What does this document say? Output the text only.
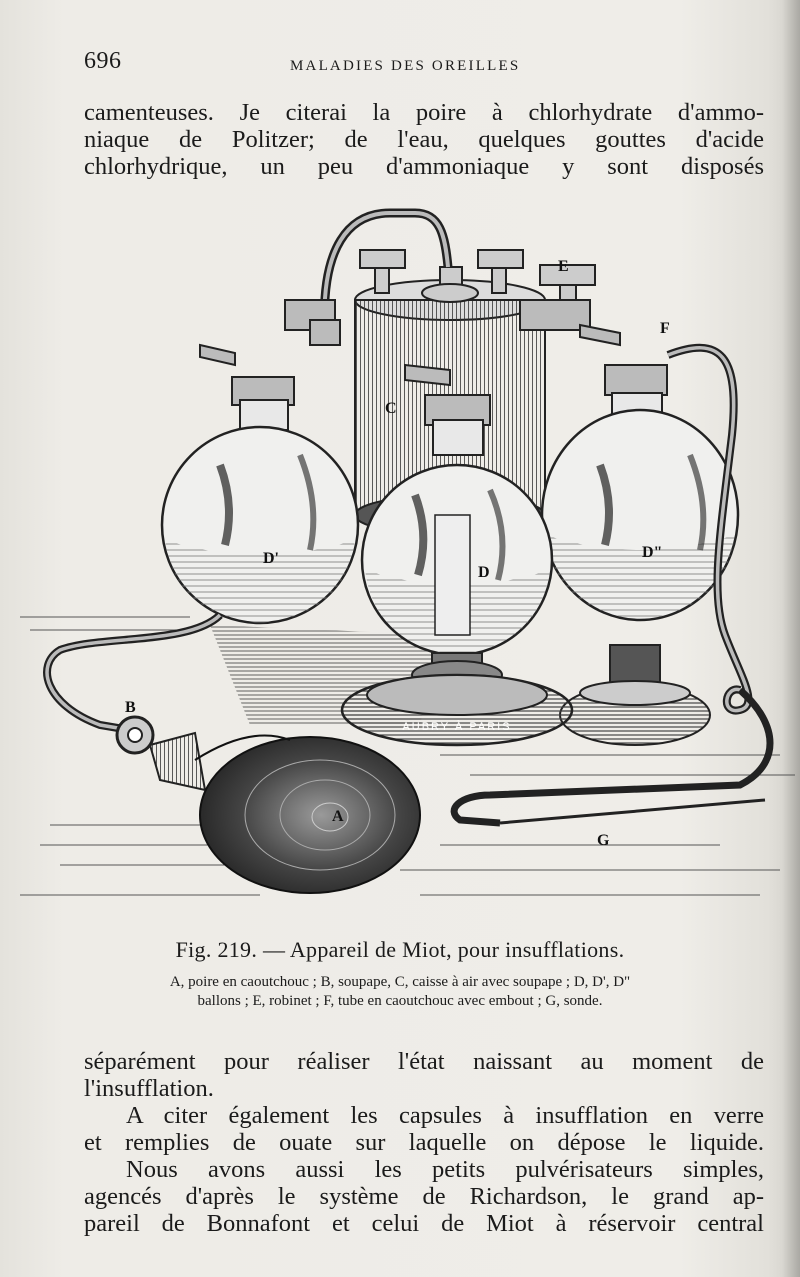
696	MALADIES DES OREILLES
camenteuses. Je citerai la poire à chlorhydrate d'ammo-
niaque de Politzer; de l'eau, quelques gouttes d'acide
chlorhydrique, un peu d'ammoniaque y sont disposés
C
E
D'	D"
D
AUBRY À PARIS
F
G
B
A
Fig. 219. — Appareil de Miot, pour insufflations.
A, poire en caoutchouc ; B, soupape, C, caisse à air avec soupape ; D, D', D"
ballons ; E, robinet ; F, tube en caoutchouc avec embout ; G, sonde.
séparément pour réaliser l'état naissant au moment de
l'insufflation.
A citer également les capsules à insufflation en verre
et remplies de ouate sur laquelle on dépose le liquide.
Nous avons aussi les petits pulvérisateurs simples,
agencés d'après le système de Richardson, le grand ap-
pareil de Bonnafont et celui de Miot à réservoir central
